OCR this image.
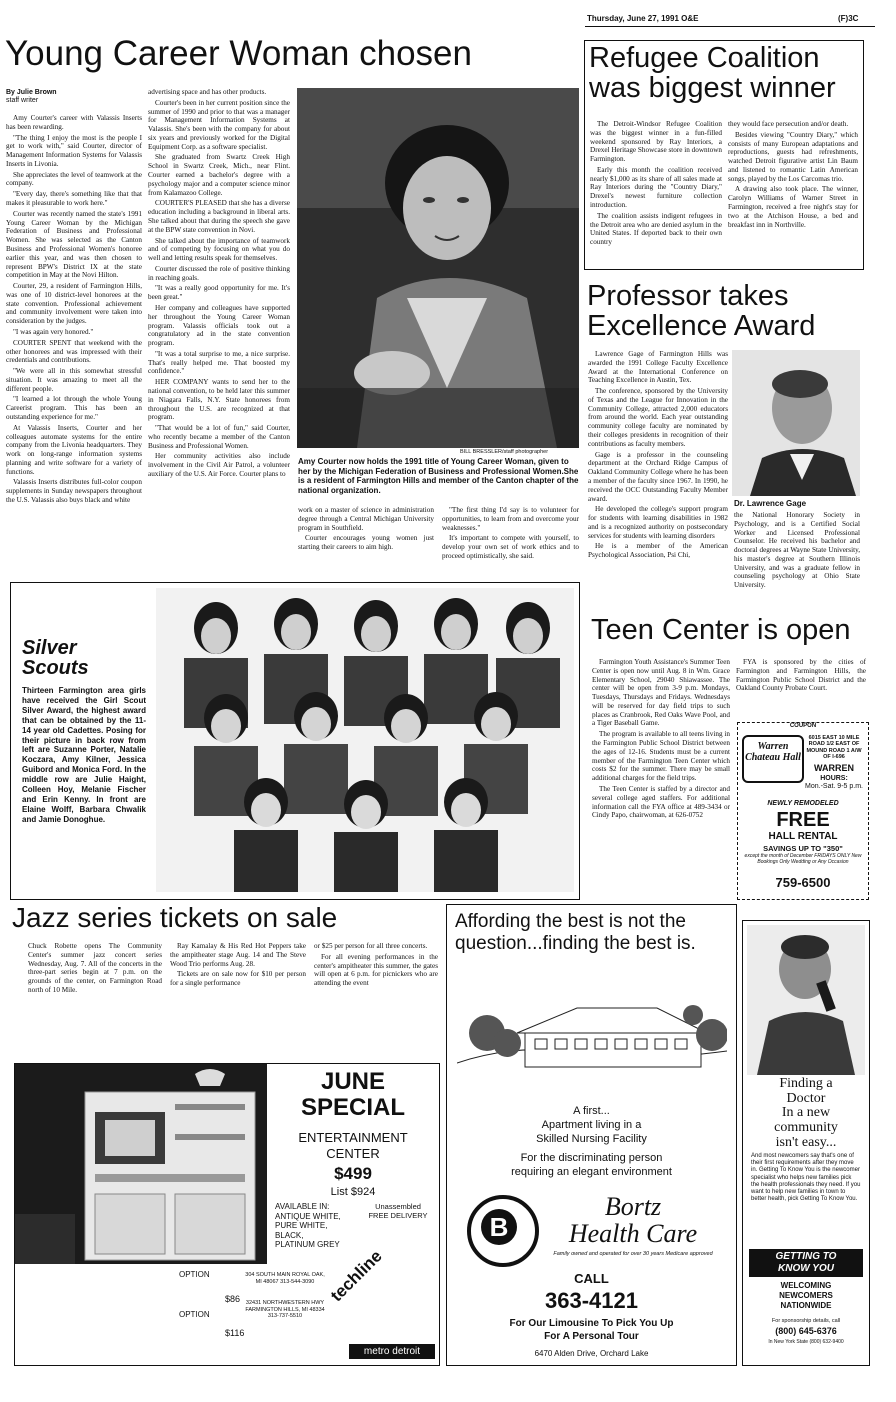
Thursday, June 27, 1991 O&E	(F)3C
Young Career Woman chosen
By Julie Brown
staff writer

Amy Courter's career with Valassis Inserts has been rewarding.

"The thing I enjoy the most is the people I get to work with," said Courter, director of Management Information Systems for Valassis Inserts in Livonia.

She appreciates the level of teamwork at the company.

"Every day, there's something like that that makes it pleasurable to work here."

Courter was recently named the state's 1991 Young Career Woman by the Michigan Federation of Business and Professional Women. She was selected as the Canton Business and Professional Women's honoree earlier this year, and was then chosen to represent BPW's District IX at the state competition in May at the Novi Hilton.

Courter, 29, a resident of Farmington Hills, was one of 10 district-level honorees at the state convention. Professional achievement and community involvement were taken into consideration by the judges.

"I was again very honored."

COURTER SPENT that weekend with the other honorees and was impressed with their credentials and contributions.

"We were all in this somewhat stressful situation. It was amazing to meet all the different people.

"I learned a lot through the whole Young Careerist program. This has been an outstanding experience for me."

At Valassis Inserts, Courter and her colleagues automate systems for the entire company from the Livonia headquarters. They work on long-range information systems planning and write software for a variety of functions.

Valassis Inserts distributes full-color coupon supplements in Sunday newspapers throughout the U.S. Valassis also buys black and white

advertising space and has other products.

Courter's been in her current position since the summer of 1990 and prior to that was a manager for Management Information Systems at Valassis. She's been with the company for about six years and previously worked for the Digital Equipment Corp. as a software specialist.

She graduated from Swartz Creek High School in Swartz Creek, Mich., near Flint. Courter earned a bachelor's degree with a psychology major and a computer science minor from Kalamazoo College.

COURTER'S PLEASED that she has a diverse education including a background in liberal arts. She talked about that during the speech she gave at the BPW state convention in Novi.

She talked about the importance of teamwork and of competing by focusing on what you do well and letting results speak for themselves.

Courter discussed the role of positive thinking in reaching goals.

"It was a really good opportunity for me. It's been great."

Her company and colleagues have supported her throughout the Young Career Woman program. Valassis officials took out a congratulatory ad in the state convention program.

"It was a total surprise to me, a nice surprise. That's really helped me. That boosted my confidence."

HER COMPANY wants to send her to the national convention, to be held later this summer in Niagara Falls, N.Y. State honorees from throughout the U.S. are recognized at that program.

"That would be a lot of fun," said Courter, who recently became a member of the Canton Business and Professional Women.

Her community activities also include involvement in the Civil Air Patrol, a volunteer auxiliary of the U.S. Air Force. Courter plans to

BILL BRESSLER/staff photographer
Amy Courter now holds the 1991 title of Young Career Woman, given to her by the Michigan Federation of Business and Professional Women.She is a resident of Farmington Hills and member of the Canton chapter of the national organization.

work on a master of science in administration degree through a Central Michigan University program in Southfield.

Courter encourages young women just starting their careers to aim high.

"The first thing I'd say is to volunteer for opportunities, to learn from and overcome your weaknesses."

It's important to compete with yourself, to develop your own set of work ethics and to proceed optimistically, she said.

Refugee Coalition
was biggest winner

The Detroit-Windsor Refugee Coalition was the biggest winner in a fun-filled weekend sponsored by Ray Interiors, a Drexel Heritage Showcase store in downtown Farmington.

Early this month the coalition received nearly $1,000 as its share of all sales made at Ray Interiors during the "Country Diary," Drexel's newest furniture collection introduction.

The coalition assists indigent refugees in the Detroit area who are denied asylum in the United States. If deported back to their own country

they would face persecution and/or death.

Besides viewing "Country Diary," which consists of many European adaptations and reproductions, guests had refreshments, watched Detroit figurative artist Lin Baum and listened to romantic Latin American songs, played by the Los Carcomas trio.

A drawing also took place. The winner, Carolyn Williams of Warner Street in Farmington, received a free night's stay for two at the Atchison House, a bed and breakfast inn in Northville.

Professor takes
Excellence Award

Lawrence Gage of Farmington Hills was awarded the 1991 College Faculty Excellence Award at the International Conference on Teaching Excellence in Austin, Tex.

The conference, sponsored by the University of Texas and the League for Innovation in the Community College, attracted 2,000 educators from around the world. Each year outstanding community college faculty are nominated by their colleges presidents in recognition of their contributions as faculty members.

Gage is a professor in the counseling department at the Orchard Ridge Campus of Oakland Community College where he has been a member of the faculty since 1967. In 1990, he received the OCC Outstanding Faculty Member award.

He developed the college's support program for students with learning disabilities in 1982 and is a recognized authority on postsecondary services for students with learning disorders

He is a member of the American Psychological Association, Psi Chi,

Dr. Lawrence Gage

the National Honorary Society in Psychology, and is a Certified Social Worker and Licensed Professional Counselor. He received his bachelor and doctoral degrees at Wayne State University, his master's degree at Southern Illinois University, and was a graduate fellow in counseling psychology at Ohio State University.

Silver
Scouts
Thirteen Farmington area girls have received the Girl Scout Silver Award, the highest award that can be obtained by the 11-14 year old Cadettes. Posing for their picture in back row from left are Suzanne Porter, Natalie Koczara, Amy Kilner, Jessica Guibord and Monica Ford. In the middle row are Julie Haight, Colleen Hoy, Melanie Fischer and Erin Kenny. In front are Elaine Wolff, Barbara Chwalik and Jamie Donoghue.
Teen Center is open

Farmington Youth Assistance's Summer Teen Center is open now until Aug. 8 in Wm. Grace Elementary School, 29040 Shiawassee. The center will be open from 3-9 p.m. Mondays, Tuesdays, Thursdays and Fridays. Wednesdays will be reserved for day field trips to such places as Cranbrook, Red Oaks Wave Pool, and a Tiger Baseball Game.

The program is available to all teens living in the Farmington Public School District between the ages of 12-16. Students must be a current member of the Farmington Teen Center which costs $2 for the summer. There may be small additional charges for the field trips.

The Teen Center is staffed by a director and several college aged staffers. For additional information call the FYA office at 489-3434 or Cindy Papo, chairwoman, at 626-0752

FYA is sponsored by the cities of Farmington and Farmington Hills, the Farmington Public School District and the Oakland County Probate Court.

COUPON
Warren Chateau Hall
6015 EAST 10 MILE ROAD 1/2 EAST OF MOUND ROAD 1 A/W OF I-696
WARREN
HOURS:
Mon.-Sat. 9-5 p.m.
NEWLY REMODELED
FREE
HALL RENTAL
SAVINGS UP TO "350"
except the month of December FRIDAYS ONLY New Bookings Only Wedding or Any Occasion
759-6500
Jazz series tickets on sale

Chuck Robette opens The Community Center's summer jazz concert series Wednesday, Aug. 7. All of the concerts in the three-part series begin at 7 p.m. on the grounds of the center, on Farmington Road north of 10 Mile.

Ray Kamalay & His Red Hot Peppers take the ampitheater stage Aug. 14 and The Steve Wood Trio performs Aug. 28.

Tickets are on sale now for $10 per person for a single performance

or $25 per person for all three concerts.

For all evening performances in the center's ampitheater this summer, the gates will open at 6 p.m. for picnickers who are attending the event

Affording the best is not the
question...finding the best is.
A first...
Apartment living in a
Skilled Nursing Facility
For the discriminating person
requiring an elegant environment
B
Bortz
Health Care
Family owned and operated for over 30 years Medicare approved
CALL
363-4121
For Our Limousine To Pick You Up
For A Personal Tour
6470 Alden Drive, Orchard Lake
Finding a
Doctor
In a new
community
isn't easy...
And most newcomers say that's one of their first requirements after they move in. Getting To Know You is the newcomer specialist who helps new families pick the health professionals they need. If you want to help new families in town to better health, pick Getting To Know You.
GETTING TO
KNOW YOU
WELCOMING
NEWCOMERS
NATIONWIDE
For sponsorship details, call
(800) 645-6376
In New York State (800) 632-9400
JUNE
SPECIAL
ENTERTAINMENT
CENTER
$499
List $924
AVAILABLE IN:
ANTIQUE WHITE,
PURE WHITE,
BLACK,
PLATINUM GREY
Unassembled
FREE DELIVERY
OPTION
$86
OPTION
$116
304 SOUTH MAIN ROYAL OAK, MI 48067 313-544-3090
32431 NORTHWESTERN HWY FARMINGTON HILLS, MI 48334 313-737-5510
techline
metro detroit
